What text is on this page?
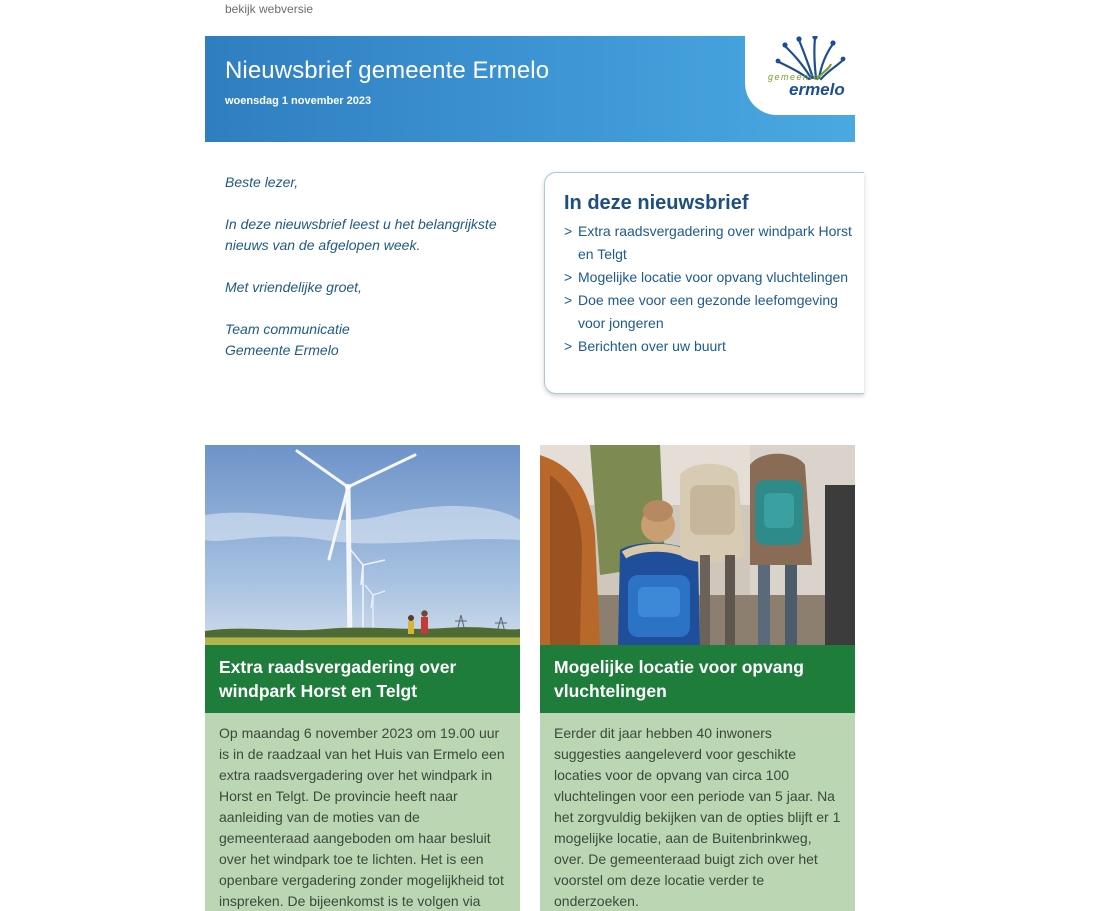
bekijk webversie
Nieuwsbrief gemeente Ermelo
woensdag 1 november 2023
gemeente
ermelo

Beste lezer,

In deze nieuwsbrief leest u het belangrijkste nieuws van de afgelopen week.

Met vriendelijke groet,

Team communicatie
Gemeente Ermelo

In deze nieuwsbrief
> Extra raadsvergadering over windpark Horst en Telgt
> Mogelijke locatie voor opvang vluchtelingen
> Doe mee voor een gezonde leefomgeving voor jongeren
> Berichten over uw buurt
Extra raadsvergadering over windpark Horst en Telgt

Op maandag 6 november 2023 om 19.00 uur is in de raadzaal van het Huis van Ermelo een extra raadsvergadering over het windpark in Horst en Telgt. De provincie heeft naar aanleiding van de moties van de gemeenteraad aangeboden om haar besluit over het windpark toe te lichten. Het is een openbare vergadering zonder mogelijkheid tot inspreken. De bijeenkomst is te volgen via

Mogelijke locatie voor opvang vluchtelingen

Eerder dit jaar hebben 40 inwoners suggesties aangeleverd voor geschikte locaties voor de opvang van circa 100 vluchtelingen voor een periode van 5 jaar. Na het zorgvuldig bekijken van de opties blijft er 1 mogelijke locatie, aan de Buitenbrinkweg, over. De gemeenteraad buigt zich over het voorstel om deze locatie verder te onderzoeken.
